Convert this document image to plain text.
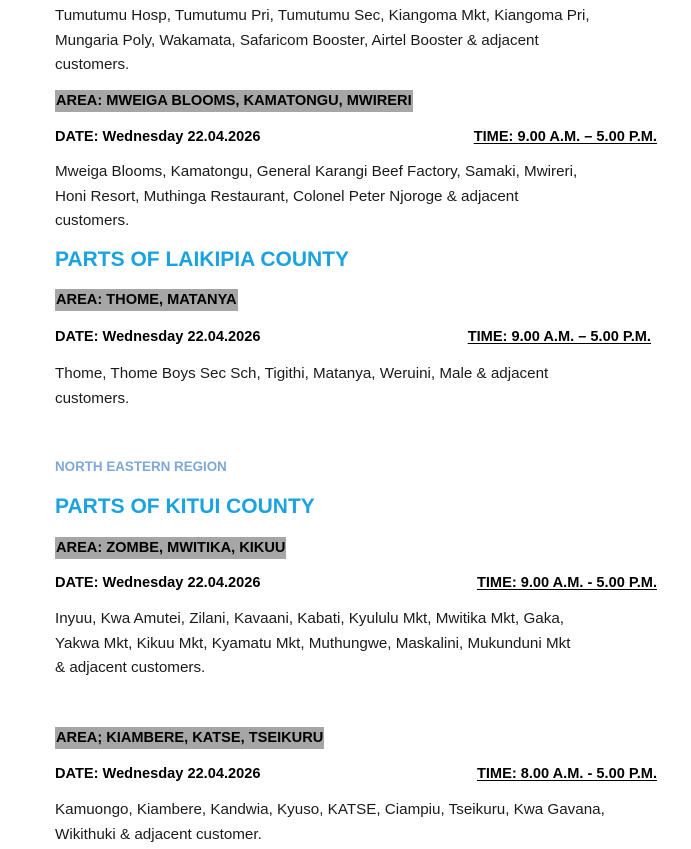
Tumutumu Hosp, Tumutumu Pri, Tumutumu Sec, Kiangoma Mkt, Kiangoma Pri,

Mungaria Poly, Wakamata, Safaricom Booster, Airtel Booster & adjacent

customers.

AREA: MWEIGA BLOOMS, KAMATONGU, MWIRERI
DATE: Wednesday 22.04.2026	TIME: 9.00 A.M. – 5.00 P.M.

Mweiga Blooms, Kamatongu, General Karangi Beef Factory, Samaki, Mwireri,

Honi Resort, Muthinga Restaurant, Colonel Peter Njoroge & adjacent

customers.

PARTS OF LAIKIPIA COUNTY

AREA: THOME, MATANYA
DATE: Wednesday 22.04.2026	TIME: 9.00 A.M. – 5.00 P.M.

Thome, Thome Boys Sec Sch, Tigithi, Matanya, Weruini, Male & adjacent

customers.

NORTH EASTERN REGION

PARTS OF KITUI COUNTY

AREA: ZOMBE, MWITIKA, KIKUU
DATE: Wednesday 22.04.2026	TIME: 9.00 A.M. - 5.00 P.M.

Inyuu, Kwa Amutei, Zilani, Kavaani, Kabati, Kyululu Mkt, Mwitika Mkt, Gaka,

Yakwa Mkt, Kikuu Mkt, Kyamatu Mkt, Muthungwe, Maskalini, Mukunduni Mkt

& adjacent customers.

AREA; KIAMBERE, KATSE, TSEIKURU
DATE: Wednesday 22.04.2026	TIME: 8.00 A.M. - 5.00 P.M.

Kamuongo, Kiambere, Kandwia, Kyuso, KATSE, Ciampiu, Tseikuru, Kwa Gavana,

Wikithuki & adjacent customer.
